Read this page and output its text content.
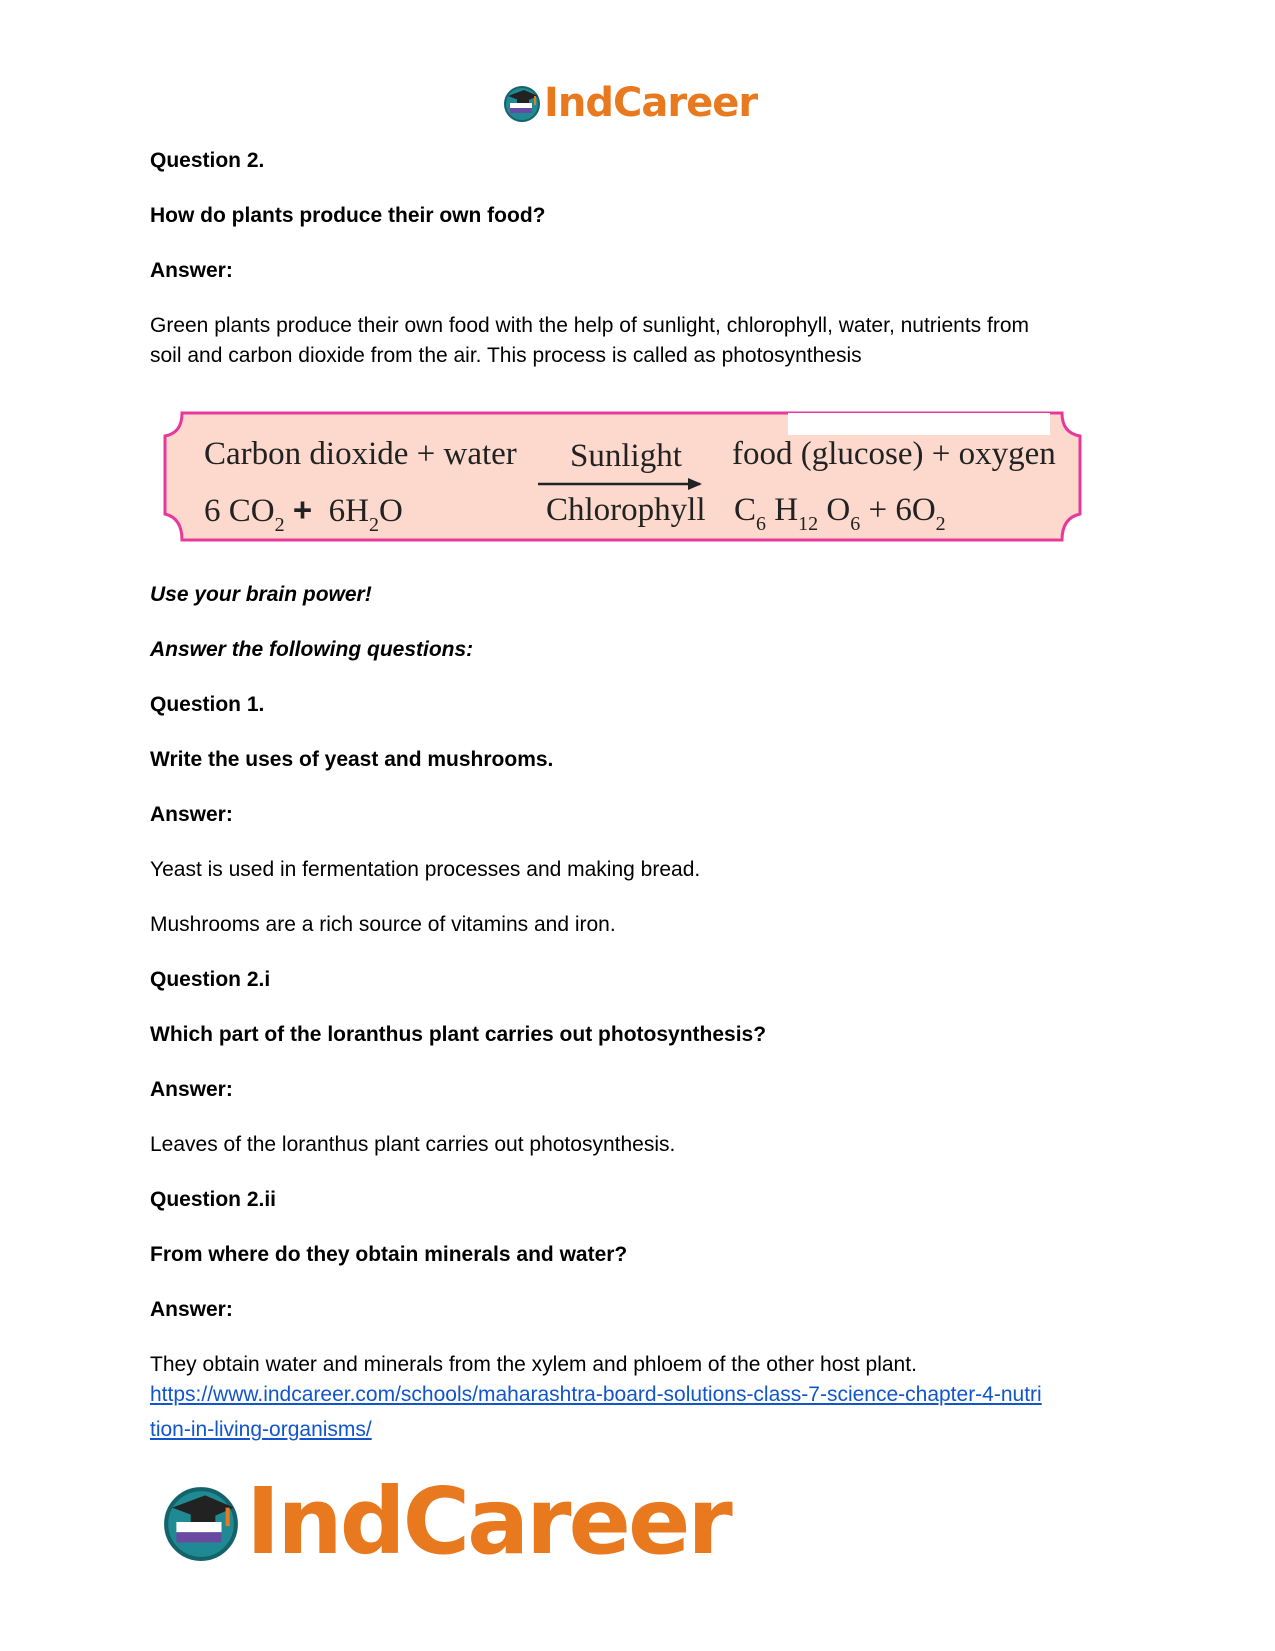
IndCareer

Question 2.

How do plants produce their own food?

Answer:

Green plants produce their own food with the help of sunlight, chlorophyll, water, nutrients from

soil and carbon dioxide from the air. This process is called as photosynthesis

Carbon dioxide + water Sunlight food (glucose) + oxygen
6 $CO_2 + 6H_2O$	Chlorophyll $C_6$ $H_{12}$ $O_6 + 6O_2$

Use your brain power!

Answer the following questions:

Question 1.

Write the uses of yeast and mushrooms.

Answer:

Yeast is used in fermentation processes and making bread.

Mushrooms are a rich source of vitamins and iron.

Question 2.i

Which part of the loranthus plant carries out photosynthesis?

Answer:

Leaves of the loranthus plant carries out photosynthesis.

Question 2.ii

From where do they obtain minerals and water?

Answer:

They obtain water and minerals from the xylem and phloem of the other host plant.

https://www.indcareer.com/schools/maharashtra-board-solutions-class-7-science-chapter-4-nutri
tion-in-living-organisms/
IndCareer
